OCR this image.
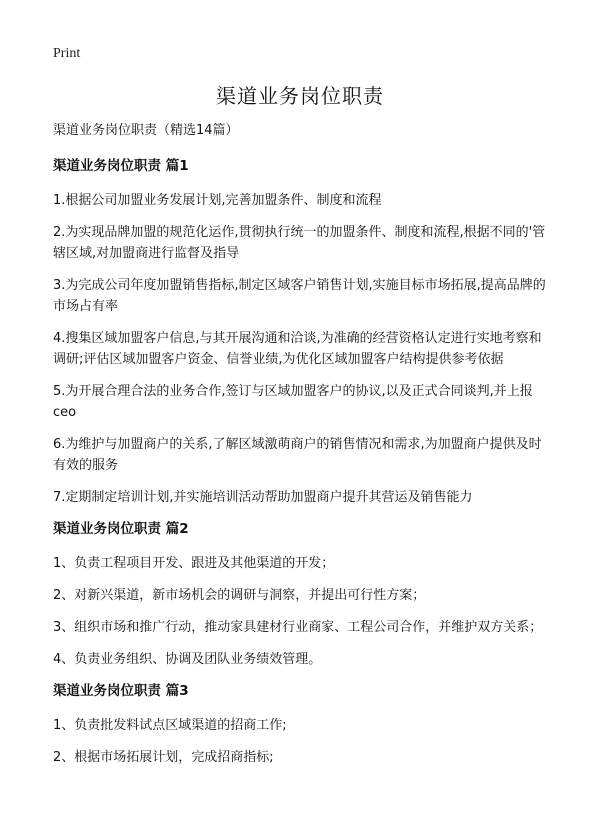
Print
渠道业务岗位职责

渠道业务岗位职责（精选14篇）

渠道业务岗位职责 篇1

1.根据公司加盟业务发展计划,完善加盟条件、制度和流程

2.为实现品牌加盟的规范化运作,贯彻执行统一的加盟条件、制度和流程,根据不同的'管辖区域,对加盟商进行监督及指导

3.为完成公司年度加盟销售指标,制定区域客户销售计划,实施目标市场拓展,提高品牌的市场占有率

4.搜集区域加盟客户信息,与其开展沟通和洽谈,为准确的经营资格认定进行实地考察和调研;评估区域加盟客户资金、信誉业绩,为优化区域加盟客户结构提供参考依据

5.为开展合理合法的业务合作,签订与区域加盟客户的协议,以及正式合同谈判,并上报ceo

6.为维护与加盟商户的关系,了解区域激萌商户的销售情况和需求,为加盟商户提供及时有效的服务

7.定期制定培训计划,并实施培训活动帮助加盟商户提升其营运及销售能力

渠道业务岗位职责 篇2

1、负责工程项目开发、跟进及其他渠道的开发；

2、对新兴渠道，新市场机会的调研与洞察，并提出可行性方案；

3、组织市场和推广行动，推动家具建材行业商家、工程公司合作，并维护双方关系；

4、负责业务组织、协调及团队业务绩效管理。

渠道业务岗位职责 篇3

1、负责批发料试点区域渠道的招商工作;

2、根据市场拓展计划，完成招商指标;
